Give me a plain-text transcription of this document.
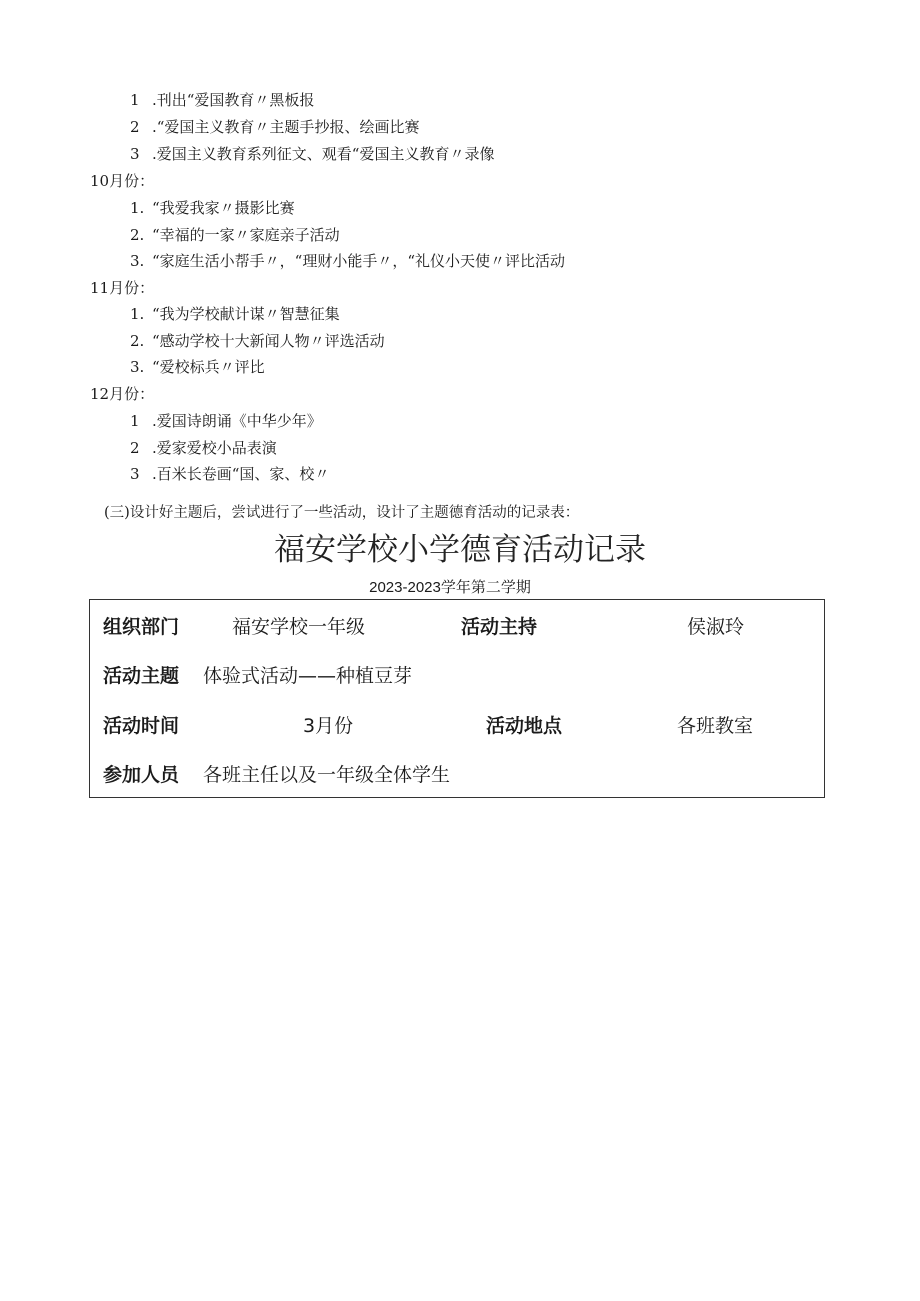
1 .刊出“爱国教育〃黑板报
2 .“爱国主义教育〃主题手抄报、绘画比赛
3 .爱国主义教育系列征文、观看“爱国主义教育〃录像
10月份：
1. “我爱我家〃摄影比赛
2. “幸福的一家〃家庭亲子活动
3. “家庭生活小帮手〃，“理财小能手〃，“礼仪小天使〃评比活动
11月份：
1. “我为学校献计谋〃智慧征集
2. “感动学校十大新闻人物〃评选活动
3. “爱校标兵〃评比
12月份：
1 .爱国诗朗诵《中华少年》
2 .爱家爱校小品表演
3 .百米长卷画“国、家、校〃
(三)设计好主题后，尝试进行了一些活动，设计了主题德育活动的记录表：
福安学校小学德育活动记录
2023-2023学年第二学期
组织部门	福安学校一年级	活动主持	侯淑玲
活动主题 体验式活动——种植豆芽
活动时间	3月份	活动地点	各班教室
参加人员 各班主任以及一年级全体学生
